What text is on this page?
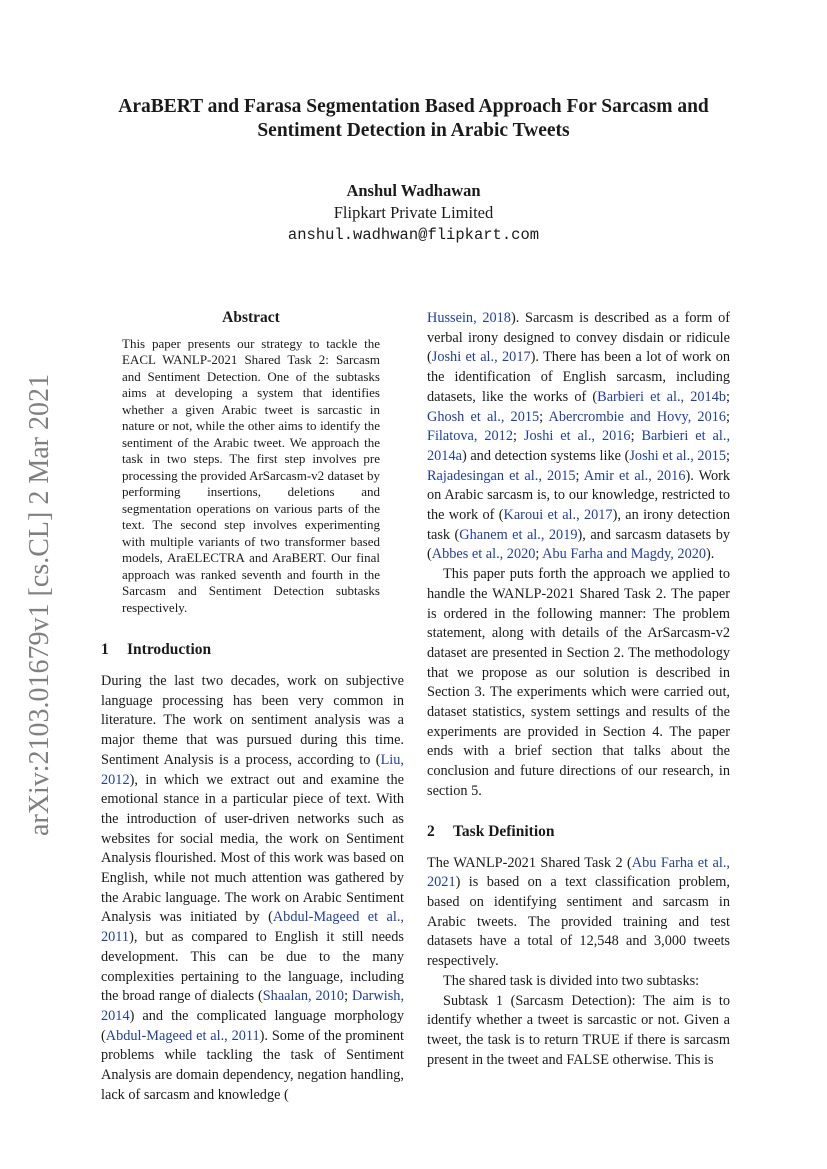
arXiv:2103.01679v1 [cs.CL] 2 Mar 2021
AraBERT and Farasa Segmentation Based Approach For Sarcasm and
Sentiment Detection in Arabic Tweets
Anshul Wadhawan
Flipkart Private Limited
anshul.wadhwan@flipkart.com
Abstract

This paper presents our strategy to tackle the EACL WANLP-2021 Shared Task 2: Sarcasm and Sentiment Detection. One of the subtasks aims at developing a system that identifies whether a given Arabic tweet is sarcastic in nature or not, while the other aims to identify the sentiment of the Arabic tweet. We approach the task in two steps. The first step involves pre processing the provided ArSarcasm-v2 dataset by performing insertions, deletions and segmentation operations on various parts of the text. The second step involves experimenting with multiple variants of two transformer based models, AraELECTRA and AraBERT. Our final approach was ranked seventh and fourth in the Sarcasm and Sentiment Detection subtasks respectively.

1 Introduction

During the last two decades, work on subjective language processing has been very common in literature. The work on sentiment analysis was a major theme that was pursued during this time. Sentiment Analysis is a process, according to (Liu, 2012), in which we extract out and examine the emotional stance in a particular piece of text. With the introduction of user-driven networks such as websites for social media, the work on Sentiment Analysis flourished. Most of this work was based on English, while not much attention was gathered by the Arabic language. The work on Arabic Sentiment Analysis was initiated by (Abdul-Mageed et al., 2011), but as compared to English it still needs development. This can be due to the many complexities pertaining to the language, including the broad range of dialects (Shaalan, 2010; Darwish, 2014) and the complicated language morphology (Abdul-Mageed et al., 2011). Some of the prominent problems while tackling the task of Sentiment Analysis are domain dependency, negation handling, lack of sarcasm and knowledge (

Hussein, 2018). Sarcasm is described as a form of verbal irony designed to convey disdain or ridicule (Joshi et al., 2017). There has been a lot of work on the identification of English sarcasm, including datasets, like the works of (Barbieri et al., 2014b; Ghosh et al., 2015; Abercrombie and Hovy, 2016; Filatova, 2012; Joshi et al., 2016; Barbieri et al., 2014a) and detection systems like (Joshi et al., 2015; Rajadesingan et al., 2015; Amir et al., 2016). Work on Arabic sarcasm is, to our knowledge, restricted to the work of (Karoui et al., 2017), an irony detection task (Ghanem et al., 2019), and sarcasm datasets by (Abbes et al., 2020; Abu Farha and Magdy, 2020).

This paper puts forth the approach we applied to handle the WANLP-2021 Shared Task 2. The paper is ordered in the following manner: The problem statement, along with details of the ArSarcasm-v2 dataset are presented in Section 2. The methodology that we propose as our solution is described in Section 3. The experiments which were carried out, dataset statistics, system settings and results of the experiments are provided in Section 4. The paper ends with a brief section that talks about the conclusion and future directions of our research, in section 5.

2 Task Definition

The WANLP-2021 Shared Task 2 (Abu Farha et al., 2021) is based on a text classification problem, based on identifying sentiment and sarcasm in Arabic tweets. The provided training and test datasets have a total of 12,548 and 3,000 tweets respectively.

The shared task is divided into two subtasks:

Subtask 1 (Sarcasm Detection): The aim is to identify whether a tweet is sarcastic or not. Given a tweet, the task is to return TRUE if there is sarcasm present in the tweet and FALSE otherwise. This is
